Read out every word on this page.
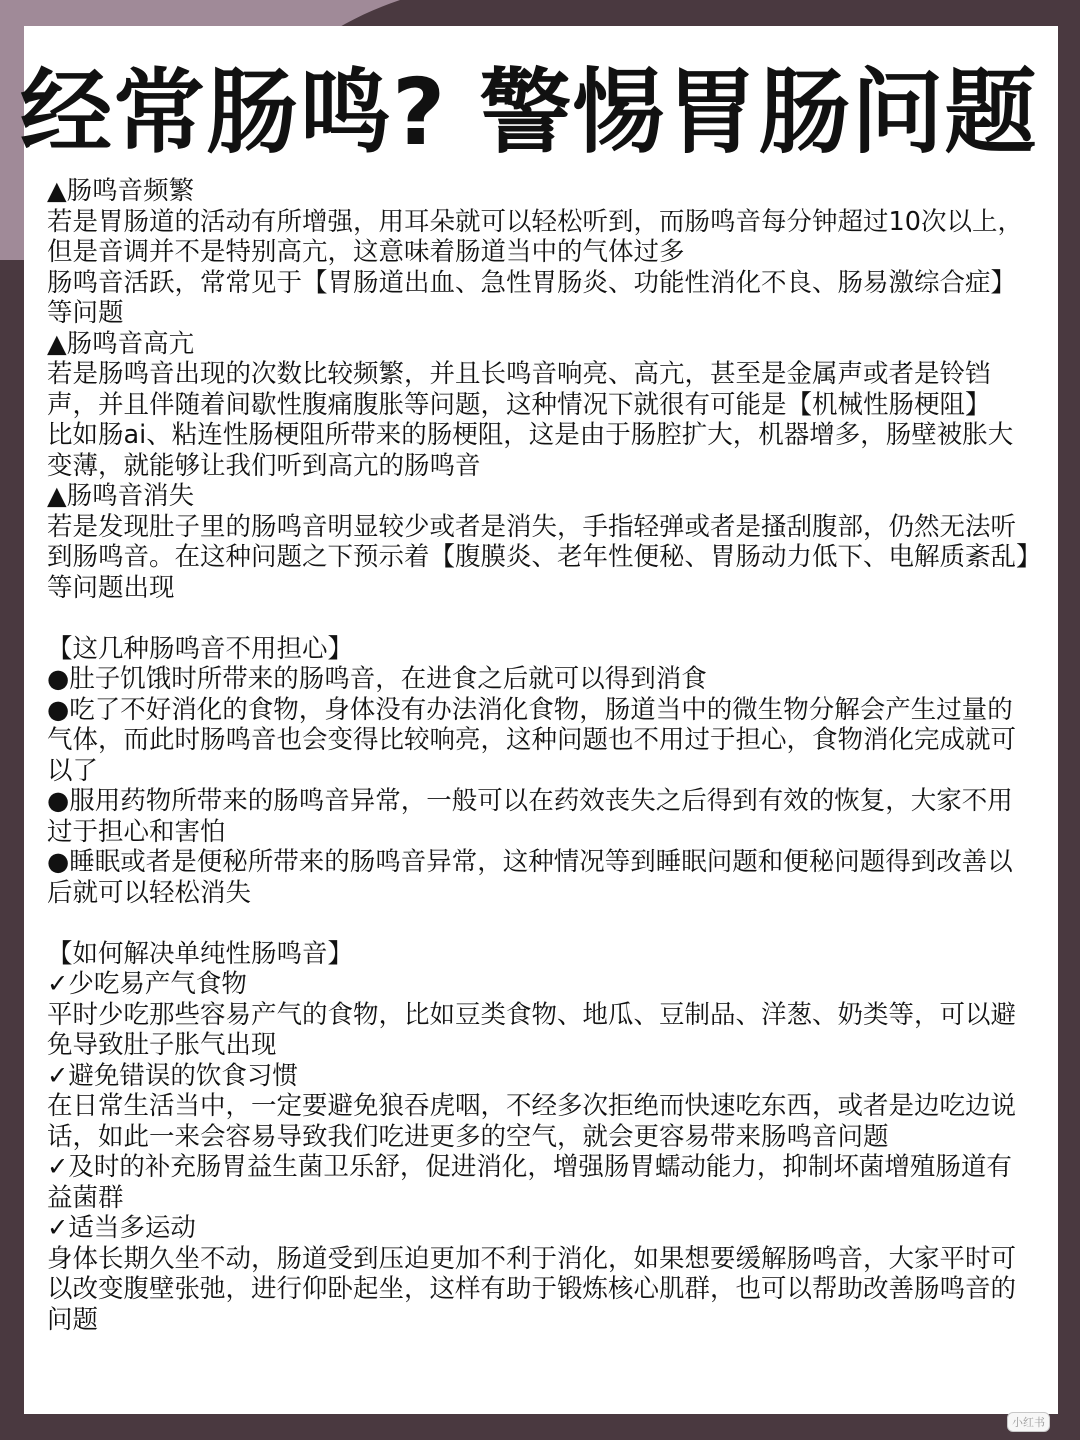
经常肠鸣? 警惕胃肠问题

▲肠鸣音频繁

若是胃肠道的活动有所增强，用耳朵就可以轻松听到，而肠鸣音每分钟超过10次以上，但是音调并不是特别高亢，这意味着肠道当中的气体过多

肠鸣音活跃，常常见于【胃肠道出血、急性胃肠炎、功能性消化不良、肠易激综合症】等问题

▲肠鸣音高亢

若是肠鸣音出现的次数比较频繁，并且长鸣音响亮、高亢，甚至是金属声或者是铃铛声，并且伴随着间歇性腹痛腹胀等问题，这种情况下就很有可能是【机械性肠梗阻】

比如肠ai、粘连性肠梗阻所带来的肠梗阻，这是由于肠腔扩大，机器增多，肠壁被胀大变薄，就能够让我们听到高亢的肠鸣音

▲肠鸣音消失

若是发现肚子里的肠鸣音明显较少或者是消失，手指轻弹或者是搔刮腹部，仍然无法听到肠鸣音。在这种问题之下预示着【腹膜炎、老年性便秘、胃肠动力低下、电解质紊乱】等问题出现

【这几种肠鸣音不用担心】

●肚子饥饿时所带来的肠鸣音，在进食之后就可以得到消食

●吃了不好消化的食物，身体没有办法消化食物，肠道当中的微生物分解会产生过量的气体，而此时肠鸣音也会变得比较响亮，这种问题也不用过于担心，食物消化完成就可以了

●服用药物所带来的肠鸣音异常，一般可以在药效丧失之后得到有效的恢复，大家不用过于担心和害怕

●睡眠或者是便秘所带来的肠鸣音异常，这种情况等到睡眠问题和便秘问题得到改善以后就可以轻松消失

【如何解决单纯性肠鸣音】

✓少吃易产气食物

平时少吃那些容易产气的食物，比如豆类食物、地瓜、豆制品、洋葱、奶类等，可以避免导致肚子胀气出现

✓避免错误的饮食习惯

在日常生活当中，一定要避免狼吞虎咽，不经多次拒绝而快速吃东西，或者是边吃边说话，如此一来会容易导致我们吃进更多的空气，就会更容易带来肠鸣音问题

✓及时的补充肠胃益生菌卫乐舒，促进消化，增强肠胃蠕动能力，抑制坏菌增殖肠道有益菌群

✓适当多运动

身体长期久坐不动，肠道受到压迫更加不利于消化，如果想要缓解肠鸣音，大家平时可以改变腹壁张弛，进行仰卧起坐，这样有助于锻炼核心肌群，也可以帮助改善肠鸣音的问题

小红书
